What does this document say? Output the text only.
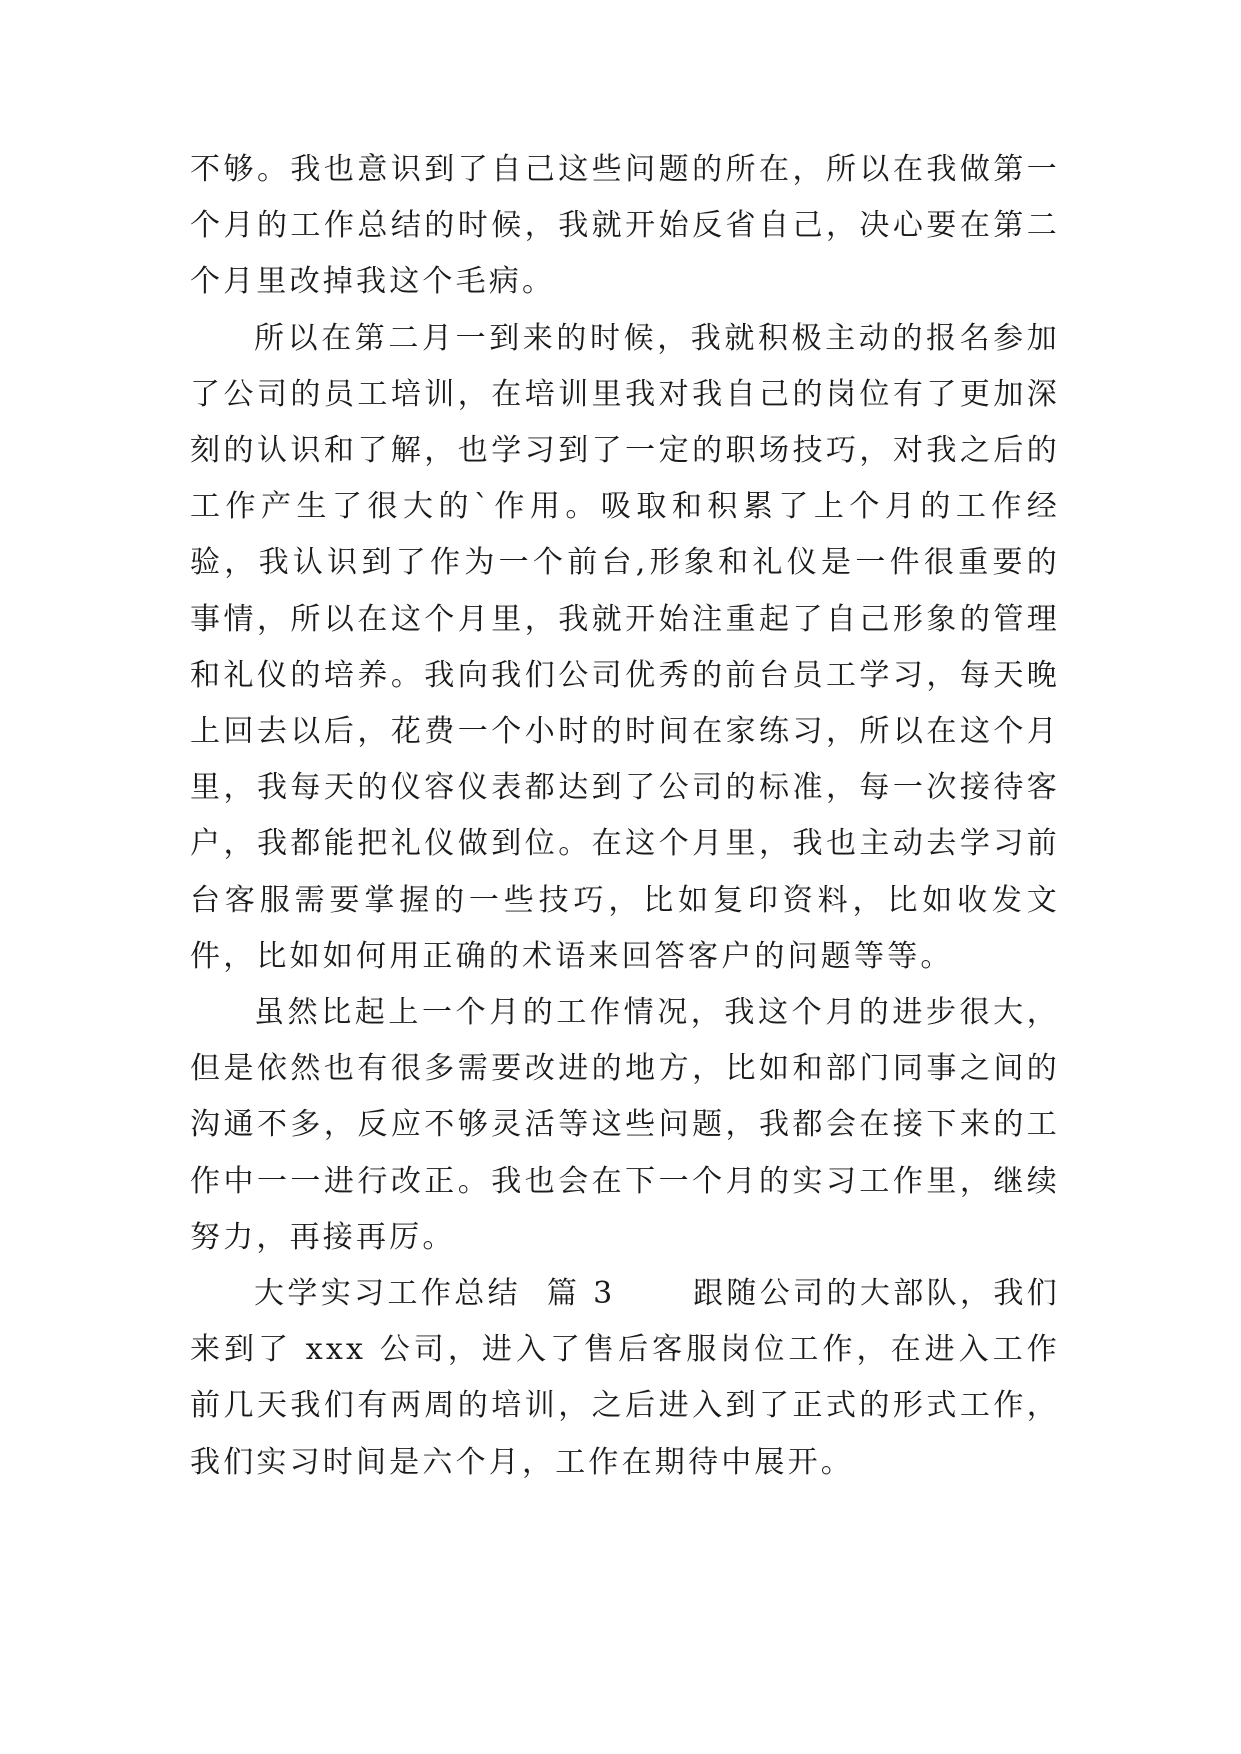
不够。我也意识到了自己这些问题的所在，所以在我做第一个月的工作总结的时候，我就开始反省自己，决心要在第二个月里改掉我这个毛病。

所以在第二月一到来的时候，我就积极主动的报名参加了公司的员工培训，在培训里我对我自己的岗位有了更加深刻的认识和了解，也学习到了一定的职场技巧，对我之后的工作产生了很大的`作用。吸取和积累了上个月的工作经验，我认识到了作为一个前台,形象和礼仪是一件很重要的事情，所以在这个月里，我就开始注重起了自己形象的管理和礼仪的培养。我向我们公司优秀的前台员工学习，每天晚上回去以后，花费一个小时的时间在家练习，所以在这个月里，我每天的仪容仪表都达到了公司的标准，每一次接待客户，我都能把礼仪做到位。在这个月里，我也主动去学习前台客服需要掌握的一些技巧，比如复印资料，比如收发文件，比如如何用正确的术语来回答客户的问题等等。

虽然比起上一个月的工作情况，我这个月的进步很大，但是依然也有很多需要改进的地方，比如和部门同事之间的沟通不多，反应不够灵活等这些问题，我都会在接下来的工作中一一进行改正。我也会在下一个月的实习工作里，继续努力，再接再厉。

大学实习工作总结  篇 3      跟随公司的大部队，我们来到了 xxx 公司，进入了售后客服岗位工作，在进入工作前几天我们有两周的培训，之后进入到了正式的形式工作，我们实习时间是六个月，工作在期待中展开。
